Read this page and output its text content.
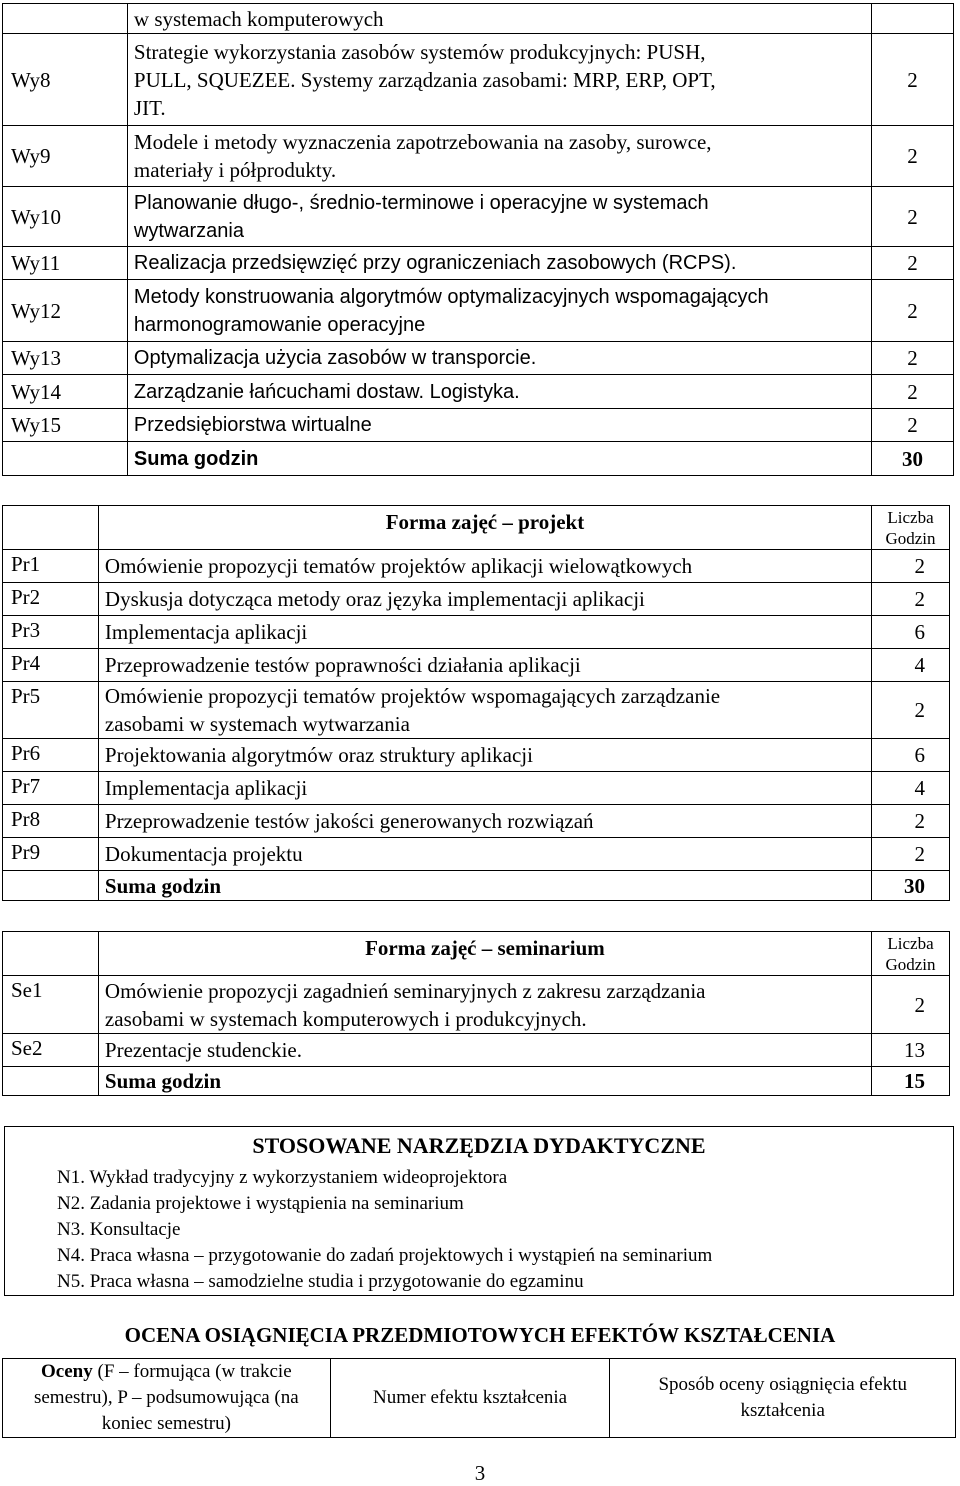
	w systemach komputerowych	

Wy8	Strategie wykorzystania zasobów systemów produkcyjnych: PUSH,
PULL, SQUEZEE. Systemy zarządzania zasobami: MRP, ERP, OPT,
JIT.	2
Wy9	Modele i metody wyznaczenia zapotrzebowania na zasoby, surowce,
materiały i półprodukty.	2
Wy10	Planowanie długo-, średnio-terminowe i operacyjne w systemach
wytwarzania	2
Wy11	Realizacja przedsięwzięć przy ograniczeniach zasobowych (RCPS).	2
Wy12	Metody konstruowania algorytmów optymalizacyjnych wspomagających
harmonogramowanie operacyjne	2
Wy13	Optymalizacja użycia zasobów w transporcie.	2
Wy14	Zarządzanie łańcuchami dostaw. Logistyka.	2
Wy15	Przedsiębiorstwa wirtualne	2
	Suma godzin	30
	Forma zajęć – projekt	Liczba
Godzin

Pr1	Omówienie propozycji tematów projektów aplikacji wielowątkowych	2
Pr2	Dyskusja dotycząca metody oraz języka implementacji aplikacji	2
Pr3	Implementacja aplikacji	6
Pr4	Przeprowadzenie testów poprawności działania aplikacji	4
Pr5	Omówienie propozycji tematów projektów wspomagających zarządzanie
zasobami w systemach wytwarzania	2
Pr6	Projektowania algorytmów oraz struktury aplikacji	6
Pr7	Implementacja aplikacji	4
Pr8	Przeprowadzenie testów jakości generowanych rozwiązań	2
Pr9	Dokumentacja projektu	2
	Suma godzin	30
	Forma zajęć – seminarium	Liczba
Godzin

Se1	Omówienie propozycji zagadnień seminaryjnych z zakresu zarządzania
zasobami w systemach komputerowych i produkcyjnych.	2
Se2	Prezentacje studenckie.	13
	Suma godzin	15
STOSOWANE NARZĘDZIA DYDAKTYCZNE
N1. Wykład tradycyjny z wykorzystaniem wideoprojektora
N2. Zadania projektowe i wystąpienia na seminarium
N3. Konsultacje
N4. Praca własna – przygotowanie do zadań projektowych i wystąpień na seminarium
N5. Praca własna – samodzielne studia i przygotowanie do egzaminu
OCENA OSIĄGNIĘCIA PRZEDMIOTOWYCH EFEKTÓW KSZTAŁCENIA
Oceny (F – formująca (w trakcie semestru), P – podsumowująca (na koniec semestru)	Numer efektu kształcenia	Sposób oceny osiągnięcia efektu kształcenia
3
